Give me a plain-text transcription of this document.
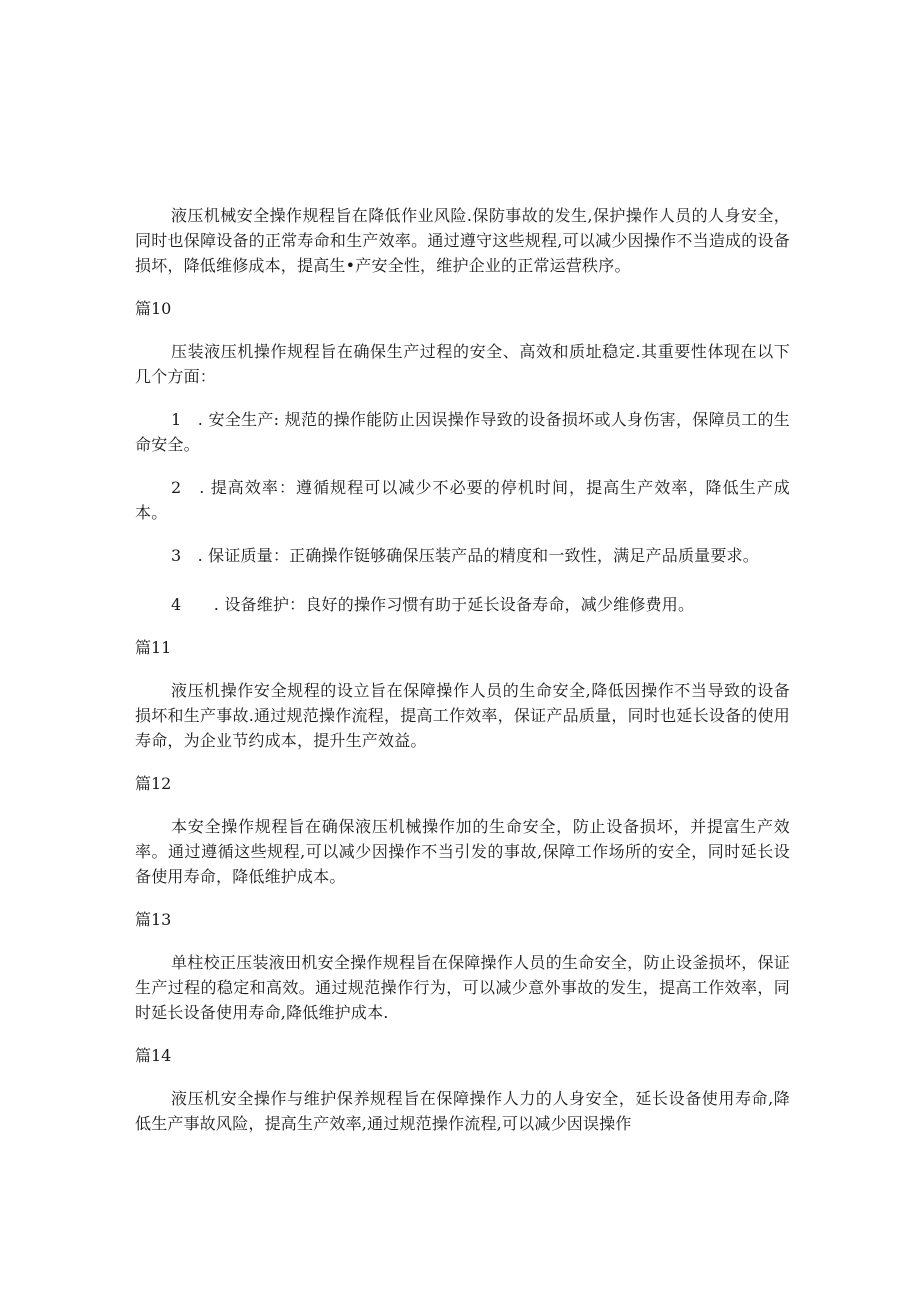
液压机械安全操作规程旨在降低作业风险.保防事故的发生,保护操作人员的人身安全，同时也保障设备的正常寿命和生产效率。通过遵守这些规程,可以减少因操作不当造成的设备损坏，降低维修成本，提高生•产安全性，维护企业的正常运营秩序。

篇10

压装液压机操作规程旨在确保生产过程的安全、高效和质址稳定.其重要性体现在以下几个方面：

1　. 安全生产: 规范的操作能防止因误操作导致的设备损坏或人身伤害，保障员工的生命安全。

2　. 提高效率：遵循规程可以减少不必要的停机时间，提高生产效率，降低生产成本。

3　. 保证质量：正确操作铤够确保压装产品的精度和一致性，满足产品质量要求。

4　　. 设备维护：良好的操作习惯有助于延长设备寿命，减少维修费用。

篇11

液压机操作安全规程的设立旨在保障操作人员的生命安全,降低因操作不当导致的设备损坏和生产事故.通过规范操作流程，提高工作效率，保证产品质量，同时也延长设备的使用寿命，为企业节约成本，提升生产效益。

篇12

本安全操作规程旨在确保液压机械操作加的生命安全，防止设备损坏，并提富生产效率。通过遵循这些规程,可以减少因操作不当引发的事故,保障工作场所的安全，同时延长设备使用寿命，降低维护成本。

篇13

单柱校正压装液田机安全操作规程旨在保障操作人员的生命安全，防止设釜损坏，保证生产过程的稳定和高效。通过规范操作行为，可以减少意外事故的发生，提高工作效率，同时延长设备使用寿命,降低维护成本.

篇14

液压机安全操作与维护保养规程旨在保障操作人力的人身安全，延长设备使用寿命,降低生产事故风险，提高生产效率,通过规范操作流程,可以减少因误操作
